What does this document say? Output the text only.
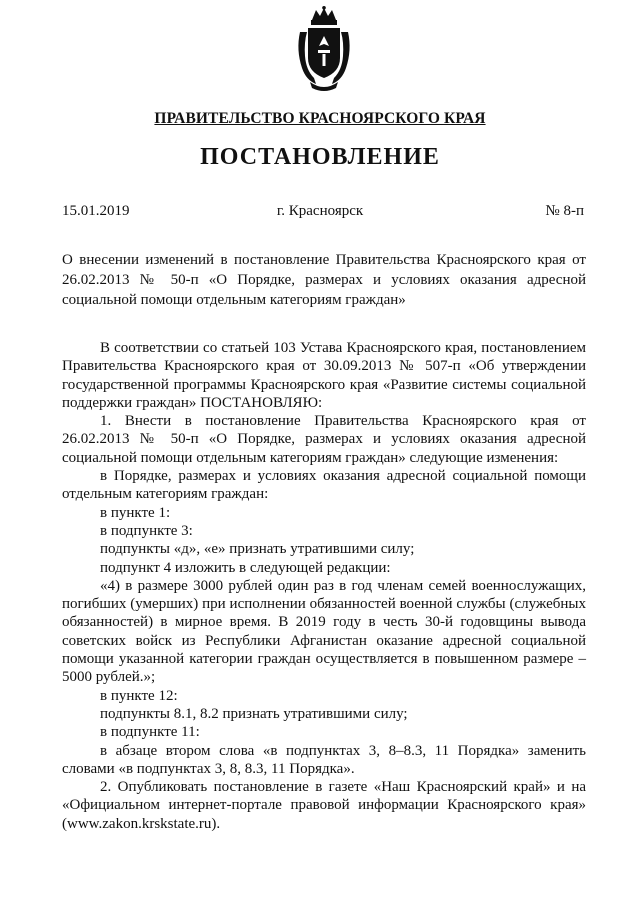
ПРАВИТЕЛЬСТВО КРАСНОЯРСКОГО КРАЯ
ПОСТАНОВЛЕНИЕ
15.01.2019	г. Красноярск	№ 8-п
О внесении изменений в постановление Правительства Красноярского края от 26.02.2013 № 50-п «О Порядке, размерах и условиях оказания адресной социальной помощи отдельным категориям граждан»

В соответствии со статьей 103 Устава Красноярского края, постановлением Правительства Красноярского края от 30.09.2013 № 507-п «Об утверждении государственной программы Красноярского края «Развитие системы социальной поддержки граждан» ПОСТАНОВЛЯЮ:

1. Внести в постановление Правительства Красноярского края от 26.02.2013 № 50-п «О Порядке, размерах и условиях оказания адресной социальной помощи отдельным категориям граждан» следующие изменения:

в Порядке, размерах и условиях оказания адресной социальной помощи отдельным категориям граждан:

в пункте 1:

в подпункте 3:

подпункты «д», «е» признать утратившими силу;

подпункт 4 изложить в следующей редакции:

«4) в размере 3000 рублей один раз в год членам семей военнослужащих, погибших (умерших) при исполнении обязанностей военной службы (служебных обязанностей) в мирное время. В 2019 году в честь 30-й годовщины вывода советских войск из Республики Афганистан оказание адресной социальной помощи указанной категории граждан осуществляется в повышенном размере – 5000 рублей.»;

в пункте 12:

подпункты 8.1, 8.2 признать утратившими силу;

в подпункте 11:

в абзаце втором слова «в подпунктах 3, 8–8.3, 11 Порядка» заменить словами «в подпунктах 3, 8, 8.3, 11 Порядка».

2. Опубликовать постановление в газете «Наш Красноярский край» и на «Официальном интернет-портале правовой информации Красноярского края» (www.zakon.krskstate.ru).
